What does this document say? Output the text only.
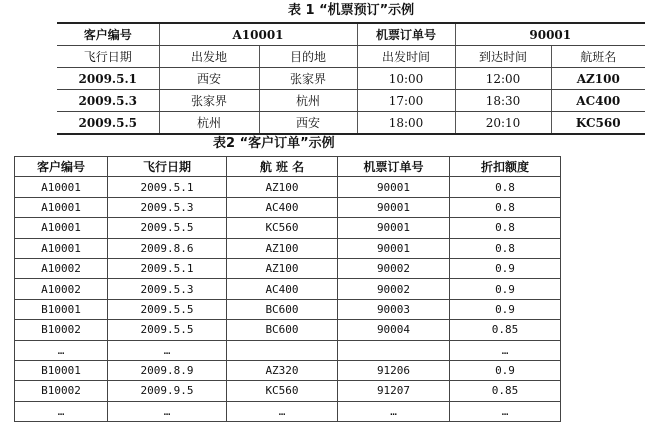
表 1 “机票预订”示例
客户编号	A10001		机票订单号	90001	
飞行日期	出发地	目的地	出发时间	到达时间	航班名
2009.5.1	西安	张家界	10:00	12:00	AZ100
2009.5.3	张家界	杭州	17:00	18:30	AC400
2009.5.5	杭州	西安	18:00	20:10	KC560
表2 “客户订单”示例
客户编号	飞行日期	航 班 名	机票订单号	折扣额度
A10001	2009.5.1	AZ100	90001	0.8
A10001	2009.5.3	AC400	90001	0.8
A10001	2009.5.5	KC560	90001	0.8
A10001	2009.8.6	AZ100	90001	0.8
A10002	2009.5.1	AZ100	90002	0.9
A10002	2009.5.3	AC400	90002	0.9
B10001	2009.5.5	BC600	90003	0.9
B10002	2009.5.5	BC600	90004	0.85
…	…			…
B10001	2009.8.9	AZ320	91206	0.9
B10002	2009.9.5	KC560	91207	0.85
…	…	…	…	…
